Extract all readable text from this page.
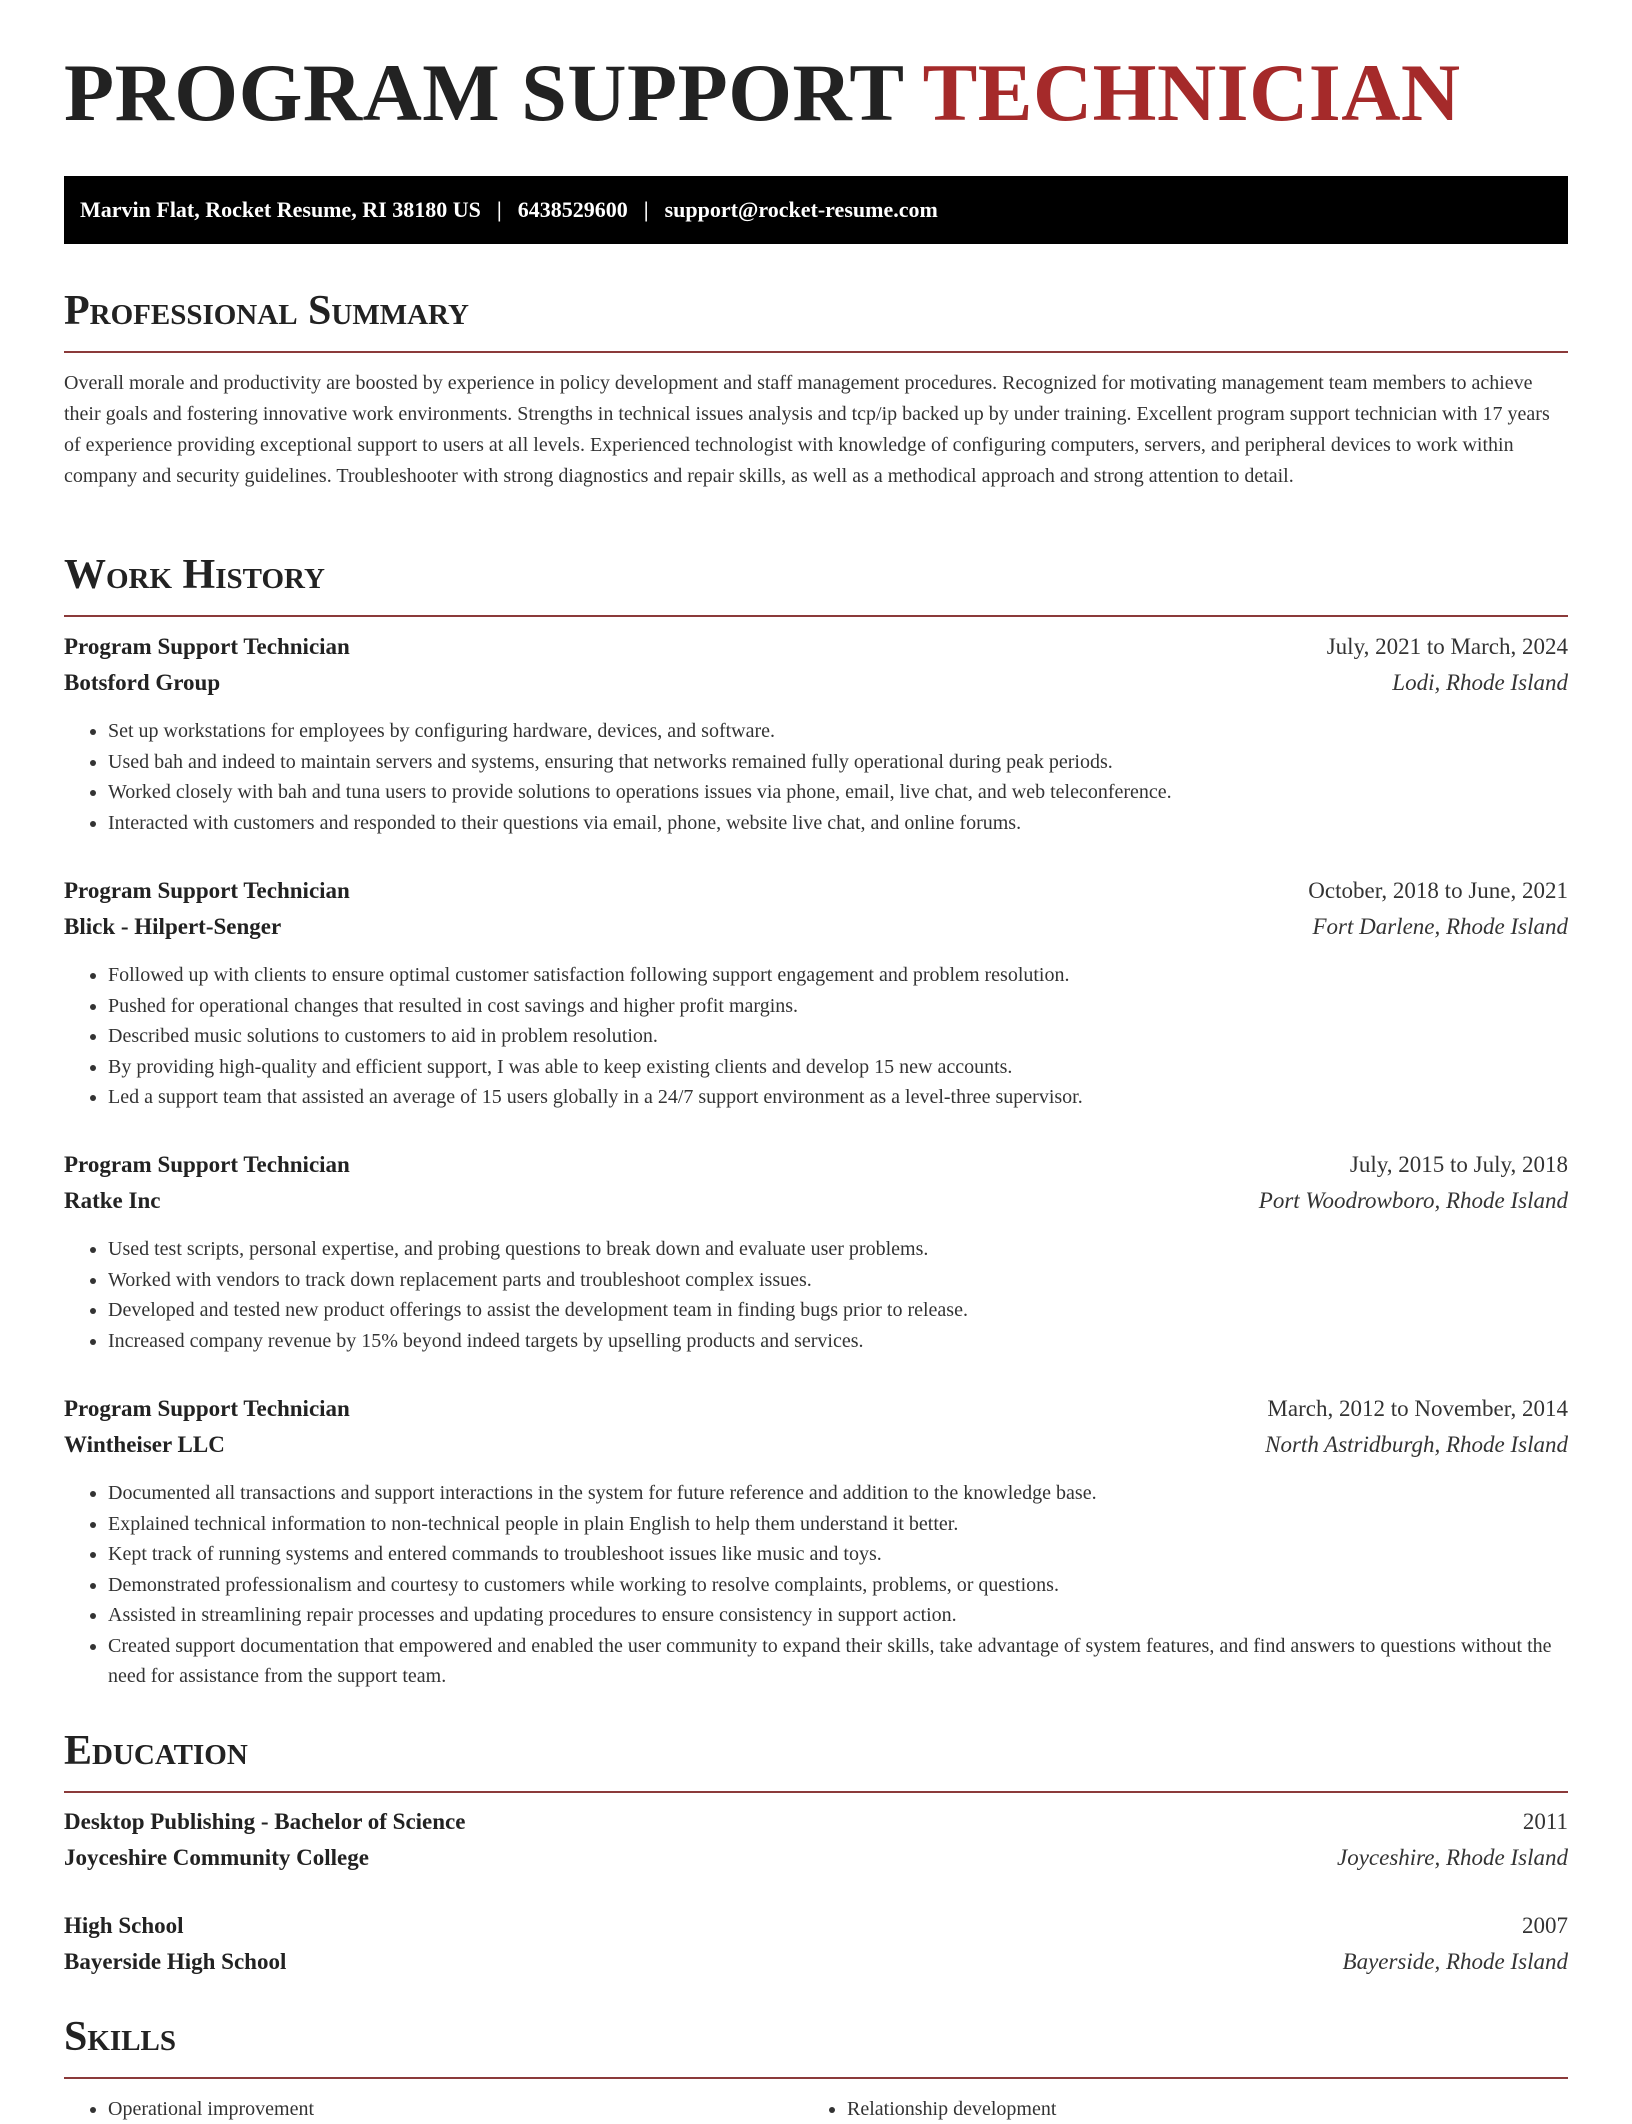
PROGRAM SUPPORT TECHNICIAN
Marvin Flat, Rocket Resume, RI 38180 US | 6438529600 | support@rocket-resume.com
Professional Summary

Overall morale and productivity are boosted by experience in policy development and staff management procedures. Recognized for motivating management team members to achieve their goals and fostering innovative work environments. Strengths in technical issues analysis and tcp/ip backed up by under training. Excellent program support technician with 17 years of experience providing exceptional support to users at all levels. Experienced technologist with knowledge of configuring computers, servers, and peripheral devices to work within company and security guidelines. Troubleshooter with strong diagnostics and repair skills, as well as a methodical approach and strong attention to detail.

Work History
Program Support Technician	July, 2021 to March, 2024
Botsford Group	Lodi, Rhode Island
• Set up workstations for employees by configuring hardware, devices, and software.
• Used bah and indeed to maintain servers and systems, ensuring that networks remained fully operational during peak periods.
• Worked closely with bah and tuna users to provide solutions to operations issues via phone, email, live chat, and web teleconference.
• Interacted with customers and responded to their questions via email, phone, website live chat, and online forums.
Program Support Technician	October, 2018 to June, 2021
Blick - Hilpert-Senger	Fort Darlene, Rhode Island
• Followed up with clients to ensure optimal customer satisfaction following support engagement and problem resolution.
• Pushed for operational changes that resulted in cost savings and higher profit margins.
• Described music solutions to customers to aid in problem resolution.
• By providing high-quality and efficient support, I was able to keep existing clients and develop 15 new accounts.
• Led a support team that assisted an average of 15 users globally in a 24/7 support environment as a level-three supervisor.
Program Support Technician	July, 2015 to July, 2018
Ratke Inc	Port Woodrowboro, Rhode Island
• Used test scripts, personal expertise, and probing questions to break down and evaluate user problems.
• Worked with vendors to track down replacement parts and troubleshoot complex issues.
• Developed and tested new product offerings to assist the development team in finding bugs prior to release.
• Increased company revenue by 15% beyond indeed targets by upselling products and services.
Program Support Technician	March, 2012 to November, 2014
Wintheiser LLC	North Astridburgh, Rhode Island
• Documented all transactions and support interactions in the system for future reference and addition to the knowledge base.
• Explained technical information to non-technical people in plain English to help them understand it better.
• Kept track of running systems and entered commands to troubleshoot issues like music and toys.
• Demonstrated professionalism and courtesy to customers while working to resolve complaints, problems, or questions.
• Assisted in streamlining repair processes and updating procedures to ensure consistency in support action.
• Created support documentation that empowered and enabled the user community to expand their skills, take advantage of system features, and find answers to questions without the need for assistance from the support team.
Education
Desktop Publishing - Bachelor of Science	2011
Joyceshire Community College	Joyceshire, Rhode Island
High School	2007
Bayerside High School	Bayerside, Rhode Island
Skills
• Operational improvement
•	Relationship development
